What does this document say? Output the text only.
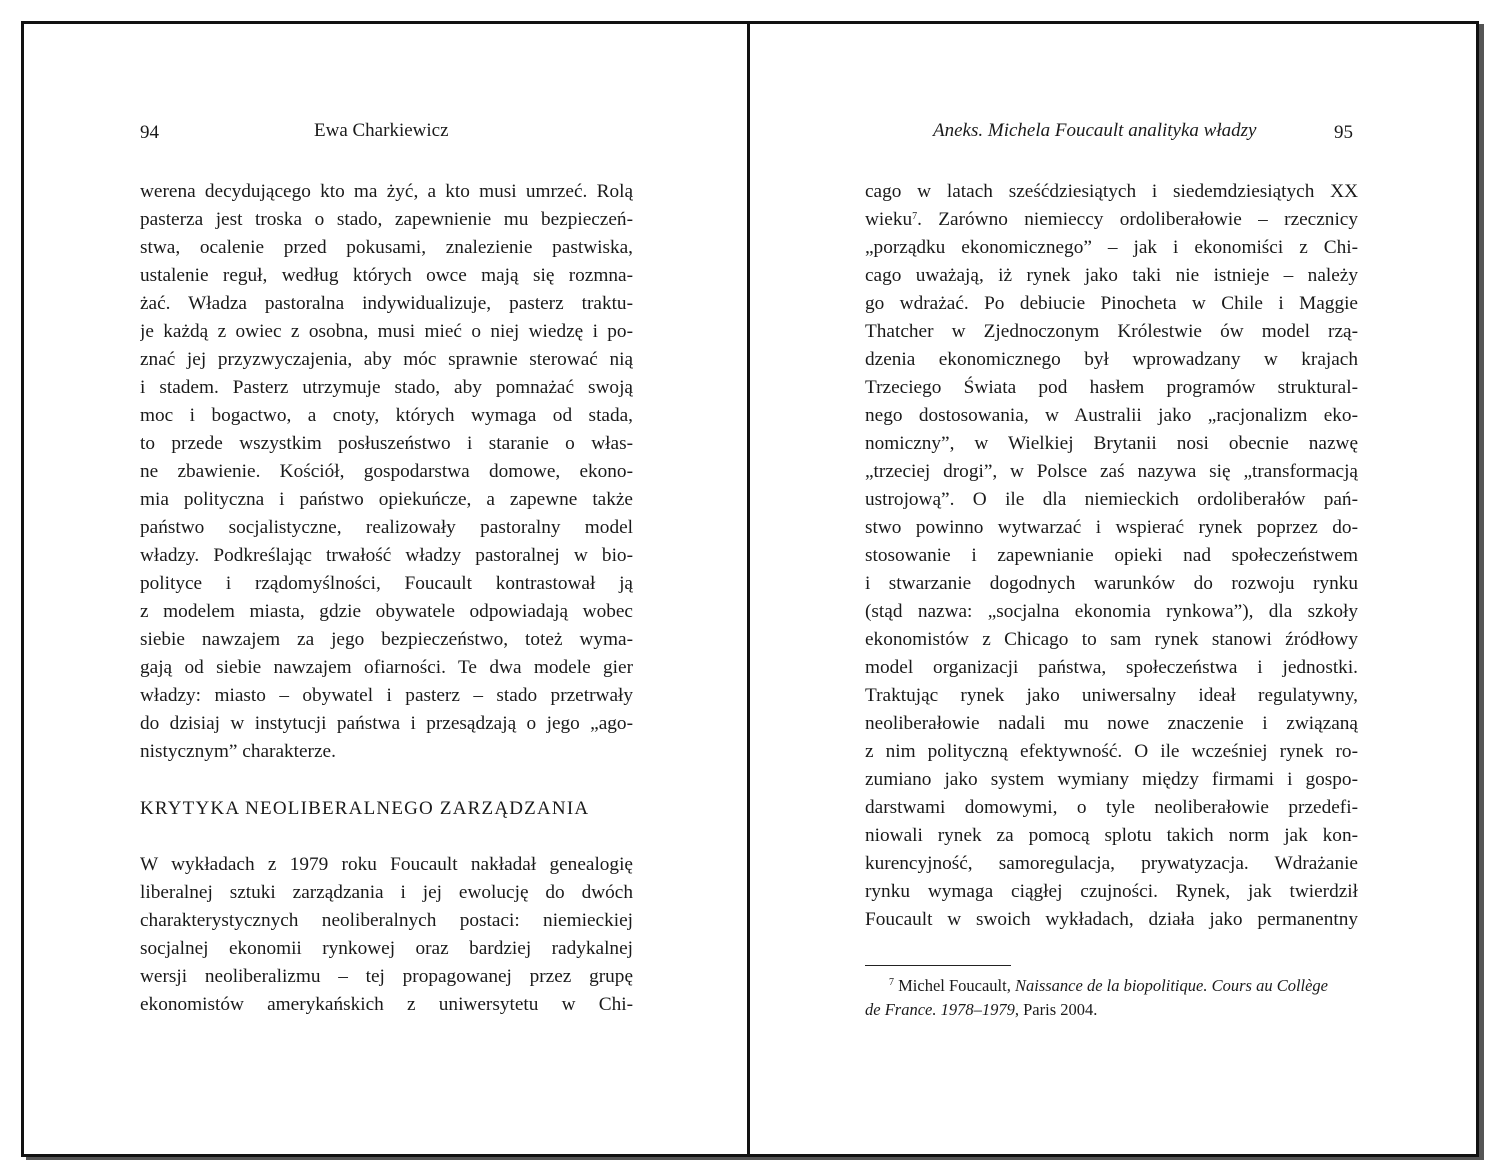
94	Ewa Charkiewicz
werena decydującego kto ma żyć, a kto musi umrzeć. Rolą
pasterza jest troska o stado, zapewnienie mu bezpieczeń-
stwa, ocalenie przed pokusami, znalezienie pastwiska,
ustalenie reguł, według których owce mają się rozmna-
żać. Władza pastoralna indywidualizuje, pasterz traktu-
je każdą z owiec z osobna, musi mieć o niej wiedzę i po-
znać jej przyzwyczajenia, aby móc sprawnie sterować nią
i stadem. Pasterz utrzymuje stado, aby pomnażać swoją
moc i bogactwo, a cnoty, których wymaga od stada,
to przede wszystkim posłuszeństwo i staranie o włas-
ne zbawienie. Kościół, gospodarstwa domowe, ekono-
mia polityczna i państwo opiekuńcze, a zapewne także
państwo socjalistyczne, realizowały pastoralny model
władzy. Podkreślając trwałość władzy pastoralnej w bio-
polityce i rządomyślności, Foucault kontrastował ją
z modelem miasta, gdzie obywatele odpowiadają wobec
siebie nawzajem za jego bezpieczeństwo, toteż wyma-
gają od siebie nawzajem ofiarności. Te dwa modele gier
władzy: miasto – obywatel i pasterz – stado przetrwały
do dzisiaj w instytucji państwa i przesądzają o jego „ago-
nistycznym” charakterze.
KRYTYKA NEOLIBERALNEGO ZARZĄDZANIA
W wykładach z 1979 roku Foucault nakładał genealogię
liberalnej sztuki zarządzania i jej ewolucję do dwóch
charakterystycznych neoliberalnych postaci: niemieckiej
socjalnej ekonomii rynkowej oraz bardziej radykalnej
wersji neoliberalizmu – tej propagowanej przez grupę
ekonomistów amerykańskich z uniwersytetu w Chi-
Aneks. Michela Foucault analityka władzy	95
cago w latach sześćdziesiątych i siedemdziesiątych XX
wieku$^7$. Zarówno niemieccy ordoliberałowie – rzecznicy
„porządku ekonomicznego” – jak i ekonomiści z Chi-
cago uważają, iż rynek jako taki nie istnieje – należy
go wdrażać. Po debiucie Pinocheta w Chile i Maggie
Thatcher w Zjednoczonym Królestwie ów model rzą-
dzenia ekonomicznego był wprowadzany w krajach
Trzeciego Świata pod hasłem programów struktural-
nego dostosowania, w Australii jako „racjonalizm eko-
nomiczny”, w Wielkiej Brytanii nosi obecnie nazwę
„trzeciej drogi”, w Polsce zaś nazywa się „transformacją
ustrojową”. O ile dla niemieckich ordoliberałów pań-
stwo powinno wytwarzać i wspierać rynek poprzez do-
stosowanie i zapewnianie opieki nad społeczeństwem
i stwarzanie dogodnych warunków do rozwoju rynku
(stąd nazwa: „socjalna ekonomia rynkowa”), dla szkoły
ekonomistów z Chicago to sam rynek stanowi źródłowy
model organizacji państwa, społeczeństwa i jednostki.
Traktując rynek jako uniwersalny ideał regulatywny,
neoliberałowie nadali mu nowe znaczenie i związaną
z nim polityczną efektywność. O ile wcześniej rynek ro-
zumiano jako system wymiany między firmami i gospo-
darstwami domowymi, o tyle neoliberałowie przedefi-
niowali rynek za pomocą splotu takich norm jak kon-
kurencyjność, samoregulacja, prywatyzacja. Wdrażanie
rynku wymaga ciągłej czujności. Rynek, jak twierdził
Foucault w swoich wykładach, działa jako permanentny
$^7$ Michel Foucault, Naissance de la biopolitique. Cours au Collège
de France. 1978–1979, Paris 2004.
